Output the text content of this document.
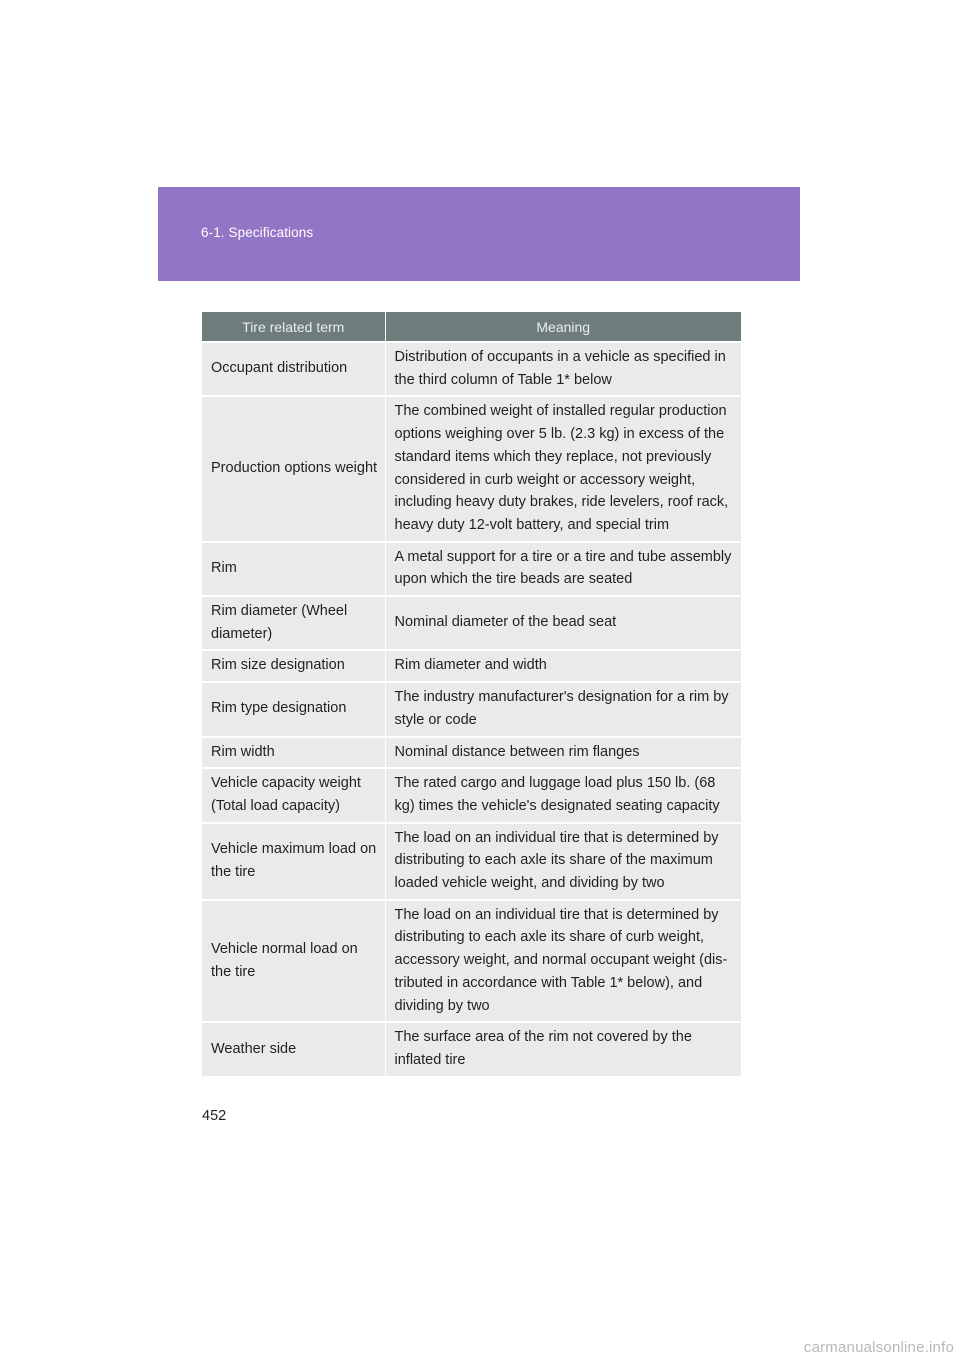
6-1. Specifications
Tire related term	Meaning
Occupant distribution	Distribution of occupants in a vehicle as specified in the third column of Table 1* below
Production options weight	The combined weight of installed regular production options weighing over 5 lb. (2.3 kg) in excess of the standard items which they replace, not previously considered in curb weight or accessory weight, including heavy duty brakes, ride levelers, roof rack, heavy duty 12-volt battery, and special trim
Rim	A metal support for a tire or a tire and tube assembly upon which the tire beads are seated
Rim diameter (Wheel diameter)	Nominal diameter of the bead seat
Rim size designation	Rim diameter and width
Rim type designation	The industry manufacturer's designation for a rim by style or code
Rim width	Nominal distance between rim flanges
Vehicle capacity weight (Total load capacity)	The rated cargo and luggage load plus 150 lb. (68 kg) times the vehicle's designated seating capacity
Vehicle maximum load on the tire	The load on an individual tire that is determined by distributing to each axle its share of the maximum loaded vehicle weight, and dividing by two
Vehicle normal load on the tire	The load on an individual tire that is determined by distributing to each axle its share of curb weight, accessory weight, and normal occupant weight (dis-tributed in accordance with Table 1* below), and dividing by two
Weather side	The surface area of the rim not covered by the inflated tire
452
carmanualsonline.info
